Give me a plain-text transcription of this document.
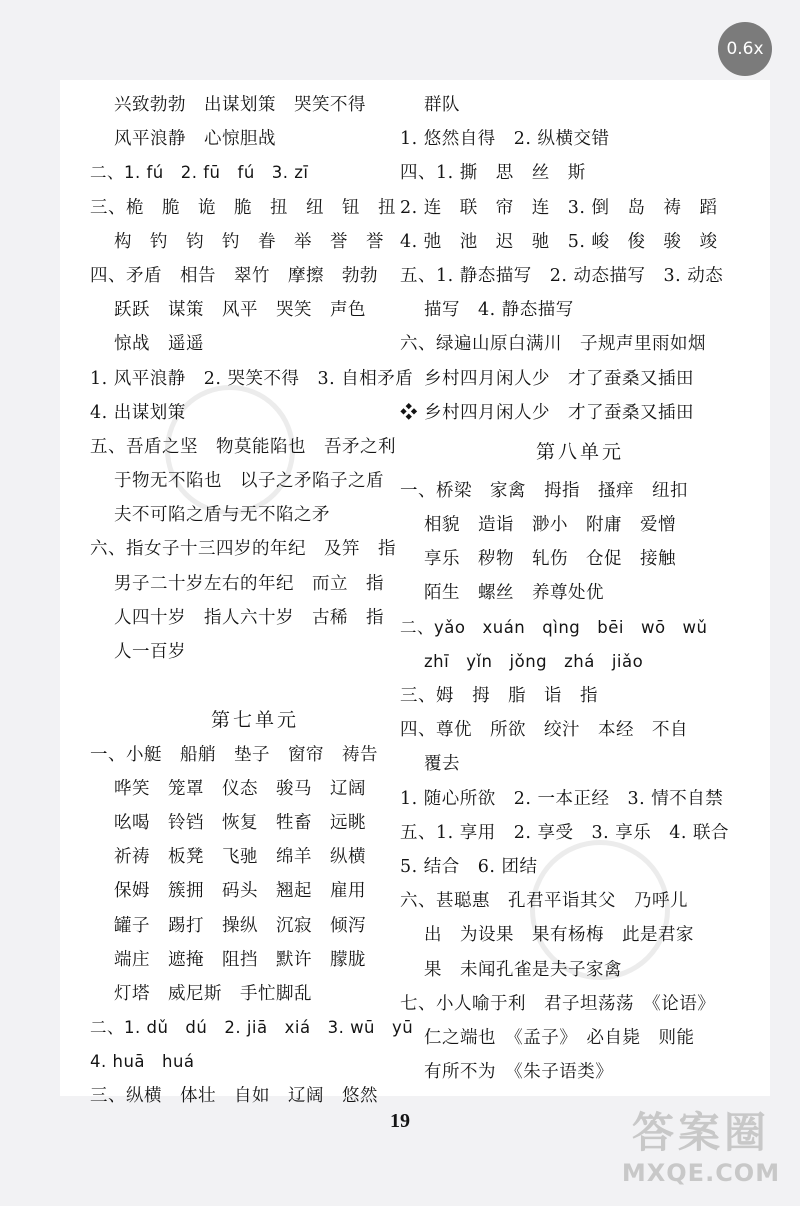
0.6x
兴致勃勃　出谋划策　哭笑不得
风平浪静　心惊胆战
二、1. fú　2. fū　fú　3. zī
三、桅　脆　诡　脆　扭　纽　钮　扭
构　钓　钧　钓　眷　举　誉　誉
四、矛盾　相告　翠竹　摩擦　勃勃
跃跃　谋策　风平　哭笑　声色
惊战　遥遥
1. 风平浪静　2. 哭笑不得　3. 自相矛盾
4. 出谋划策
五、吾盾之坚　物莫能陷也　吾矛之利
于物无不陷也　以子之矛陷子之盾
夫不可陷之盾与无不陷之矛
六、指女子十三四岁的年纪　及笄　指
男子二十岁左右的年纪　而立　指
人四十岁　指人六十岁　古稀　指
人一百岁
第七单元
一、小艇　船艄　垫子　窗帘　祷告
哗笑　笼罩　仪态　骏马　辽阔
吆喝　铃铛　恢复　牲畜　远眺
祈祷　板凳　飞驰　绵羊　纵横
保姆　簇拥　码头　翘起　雇用
罐子　踢打　操纵　沉寂　倾泻
端庄　遮掩　阻挡　默许　朦胧
灯塔　威尼斯　手忙脚乱
二、1. dǔ　dú　2. jiā　xiá　3. wū　yū
4. huā　huá
三、纵横　体壮　自如　辽阔　悠然
群队
1. 悠然自得　2. 纵横交错
四、1. 撕　思　丝　斯
2. 连　联　帘　连　3. 倒　岛　祷　蹈
4. 弛　池　迟　驰　5. 峻　俊　骏　竣
五、1. 静态描写　2. 动态描写　3. 动态
描写　4. 静态描写
六、绿遍山原白满川　子规声里雨如烟
乡村四月闲人少　才了蚕桑又插田
❖ 乡村四月闲人少　才了蚕桑又插田
第八单元
一、桥梁　家禽　拇指　搔痒　纽扣
相貌　造诣　渺小　附庸　爱憎
享乐　秽物　轧伤　仓促　接触
陌生　螺丝　养尊处优
二、yǎo　xuán　qìng　bēi　wō　wǔ
zhī　yǐn　jǒng　zhá　jiǎo
三、姆　拇　脂　诣　指
四、尊优　所欲　绞汁　本经　不自
覆去
1. 随心所欲　2. 一本正经　3. 情不自禁
五、1. 享用　2. 享受　3. 享乐　4. 联合
5. 结合　6. 团结
六、甚聪惠　孔君平诣其父　乃呼儿
出　为设果　果有杨梅　此是君家
果　未闻孔雀是夫子家禽
七、小人喻于利　君子坦荡荡　《论语》
仁之端也　《孟子》　必自毙　则能
有所不为　《朱子语类》
19	答案圈
MXQE.COM
